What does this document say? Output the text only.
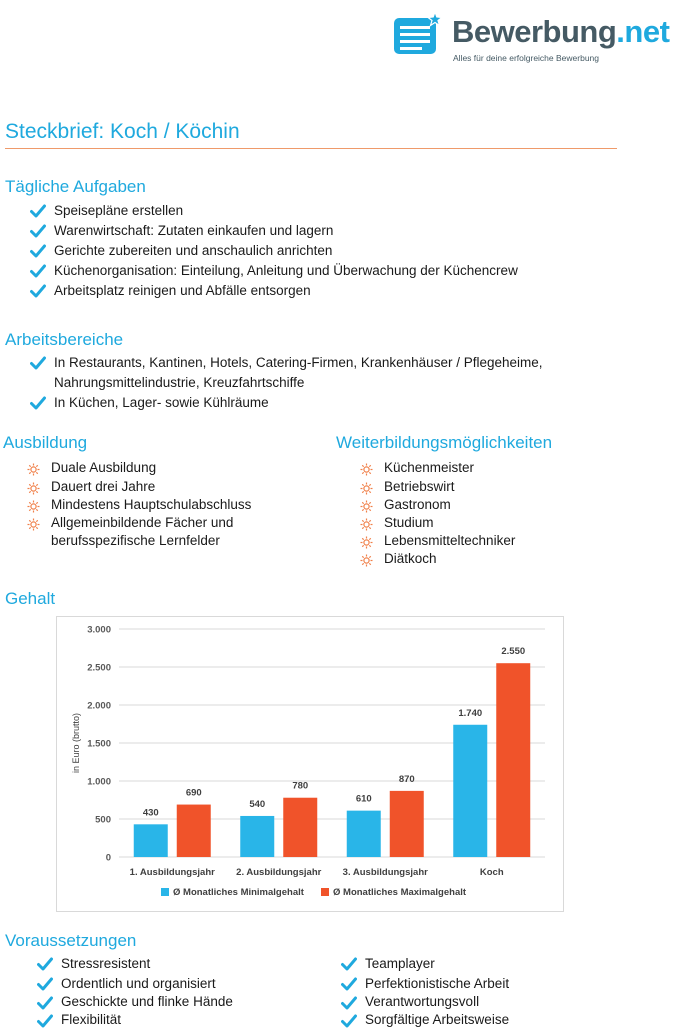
Bewerbung.net
Alles für deine erfolgreiche Bewerbung
Steckbrief: Koch / Köchin
Tägliche Aufgaben
Speisepläne erstellen
Warenwirtschaft: Zutaten einkaufen und lagern
Gerichte zubereiten und anschaulich anrichten
Küchenorganisation: Einteilung, Anleitung und Überwachung der Küchencrew
Arbeitsplatz reinigen und Abfälle entsorgen
Arbeitsbereiche
In Restaurants, Kantinen, Hotels, Catering-Firmen, Krankenhäuser / Pflegeheime,
Nahrungsmittelindustrie, Kreuzfahrtschiffe
In Küchen, Lager- sowie Kühlräume
Ausbildung
Duale Ausbildung
Dauert drei Jahre
Mindestens Hauptschulabschluss
Allgemeinbildende Fächer und
berufsspezifische Lernfelder
Weiterbildungsmöglichkeiten
Küchenmeister
Betriebswirt
Gastronom
Studium
Lebensmitteltechniker
Diätkoch
Gehalt
0
500
1.000
1.500
2.000
2.500
3.000
in Euro (brutto)
430
690
1. Ausbildungsjahr
540
780
2. Ausbildungsjahr
610
870
3. Ausbildungsjahr
1.740
2.550
Koch
Ø Monatliches Minimalgehalt	Ø Monatliches Maximalgehalt
Voraussetzungen
Stressresistent
Ordentlich und organisiert
Geschickte und flinke Hände
Flexibilität
Teamplayer
Perfektionistische Arbeit
Verantwortungsvoll
Sorgfältige Arbeitsweise
